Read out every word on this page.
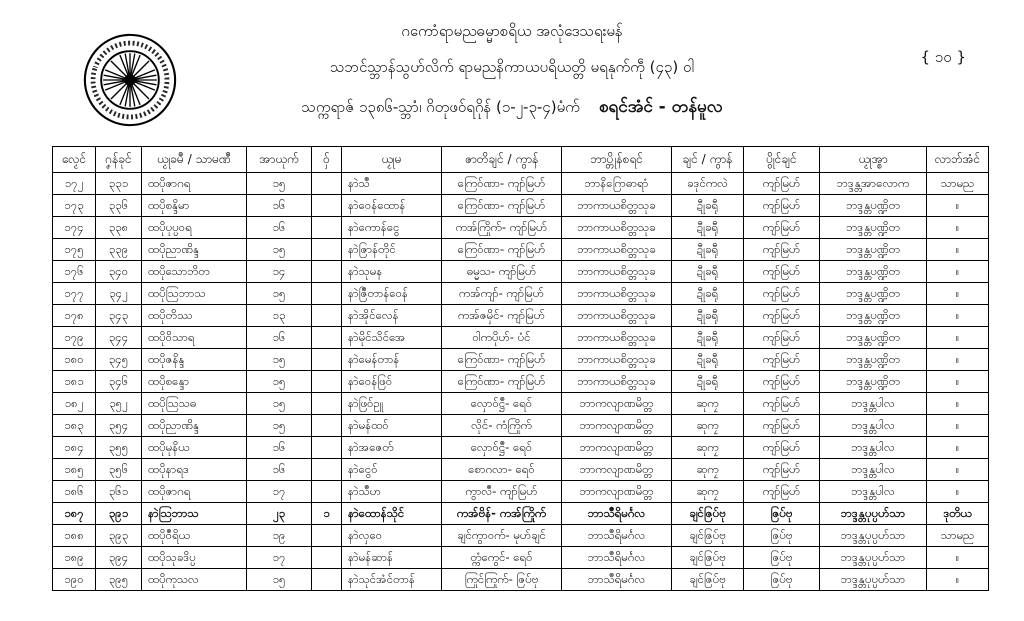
ဂကောံရာမညဓမ္မာစရိယ အလုံဒေသရးမန်
သဘင်သ္ဘာန်သွဟ်လိက် ရာမညနိကာယပရိယတ္တိ မရနုက်ကဵု (၄၃) ဝါ
သက္ကရာဇ် ၁၃၈၆-သ္ဘာံ၊ ဂိတုဖဝ်ရဂိုန် (၁-၂-၃-၄)မံက် စရင်အံင် - တန်မူလ
{ ၁၀ }
လၟေင်	ဂၞန်ခုင်	ယၟုခမဳ / သာမဏဳ	အာယုက်	ဝှ်	ယၟုမ	ဇာတိချင် / ကွာန်	ဘာပ္တိုန်စရင်	ချင် / ကွာန်	ပွိုင်ချင်	ယၟုအ္စာ	လာဘ်အံင်
၁၇၂	၃၃၁	ထပိုဇာဂရ	၁၅		နာဲသဳ	ကြေဝ်ဏာ- ကျာ်မြဟ်	ဘာနိဂြောဓာရာံ	ခဒုင်ကလဲ	ကျာ်မြဟ်	ဘဒ္ဒန္တအာလောက	သာမည
၁၇၃	၃၃၆	ထပိုစန္ဒိမာ	၁၆		နာဲဝေန်ထောန်	ကြေဝ်ဏာ- ကျာ်မြဟ်	ဘာကာယစိတ္တသုခ	ဍီုခရီု	ကျာ်မြဟ်	ဘဒ္ဒန္တပဏ္ဍိတ	။
၁၇၄	၃၃၈	ထပိုပုပ္ပဝရ	၁၆		နာဲကောန်ငွေ	ကအ်ကြိုက်- ကျာ်မြဟ်	ဘာကာယစိတ္တသုခ	ဍီုခရီု	ကျာ်မြဟ်	ဘဒ္ဒန္တပဏ္ဍိတ	။
၁၇၅	၃၃၉	ထပိုညာဏိန္ဒ	၁၅		နာဲဇြာန်တိုင်	ကြေဝ်ဏာ- ကျာ်မြဟ်	ဘာကာယစိတ္တသုခ	ဍီုခရီု	ကျာ်မြဟ်	ဘဒ္ဒန္တပဏ္ဍိတ	။
၁၇၆	၃၄၀	ထပိုသောဘိတ	၁၄		နာဲသုမန	ဓမ္မသ- ကျာ်မြဟ်	ဘာကာယစိတ္တသုခ	ဍီုခရီု	ကျာ်မြဟ်	ဘဒ္ဒန္တပဏ္ဍိတ	။
၁၇၇	၃၄၂	ထပိုဩဘာသ	၁၅		နာဲဇြဳတာန်ဝေန်	ကအ်ကျာ်- ကျာ်မြဟ်	ဘာကာယစိတ္တသုခ	ဍီုခရီု	ကျာ်မြဟ်	ဘဒ္ဒန္တပဏ္ဍိတ	။
၁၇၈	၃၄၃	ထပိုတိဿ	၁၃		နာဲအိုင်လေန်	ကအ်ဇမှိင်- ကျာ်မြဟ်	ဘာကာယစိတ္တသုခ	ဍီုခရီု	ကျာ်မြဟ်	ဘဒ္ဒန္တပဏ္ဍိတ	။
၁၇၉	၃၄၄	ထပိုဝိသာရ	၁၆		နာဲမိုင်သိင်အေ	ဝါကပိုဟ်- ပံင်	ဘာကာယစိတ္တသုခ	ဍီုခရီု	ကျာ်မြဟ်	ဘဒ္ဒန္တပဏ္ဍိတ	။
၁၈၀	၃၄၅	ထပိုဇနိန္ဒ	၁၅		နာဲမေန်တာန်	ကြေဝ်ဏာ- ကျာ်မြဟ်	ဘာကာယစိတ္တသုခ	ဍီုခရီု	ကျာ်မြဟ်	ဘဒ္ဒန္တပဏ္ဍိတ	။
၁၈၁	၃၄၆	ထပိုစန္ဒော	၁၅		နာဲဝေန်ဖြဝ်	ကြေဝ်ဏာ- ကျာ်မြဟ်	ဘာကာယစိတ္တသုခ	ဍီုခရီု	ကျာ်မြဟ်	ဘဒ္ဒန္တပဏ္ဍိတ	။
၁၈၂	၃၅၂	ထပိုဩသဓ	၁၅		နာဲဖြဝ်ဥူ	လှောဝ်ဋ္ဌဳ- ရေဝ်	ဘာကလျာဏမိတ္တ	ဆုကၠ	ကျာ်မြဟ်	ဘဒ္ဒန္တပါလ	။
၁၈၃	၃၅၄	ထပိုညာဏိန္ဒ	၁၅		နာဲမန်ထဝ်	လိုင်- ကံကြိုက်	ဘာကလျာဏမိတ္တ	ဆုကၠ	ကျာ်မြဟ်	ဘဒ္ဒန္တပါလ	။
၁၈၄	၃၅၅	ထပိုမုနိယ	၁၆		နာဲအဇေတ်	လှောဝ်ဋ္ဌဳ- ရေဝ်	ဘာကလျာဏမိတ္တ	ဆုကၠ	ကျာ်မြဟ်	ဘဒ္ဒန္တပါလ	။
၁၈၅	၃၅၆	ထပိုနာရဒ	၁၆		နာဲငွေဝ်	စောဂလာ- ရေဝ်	ဘာကလျာဏမိတ္တ	ဆုကၠ	ကျာ်မြဟ်	ဘဒ္ဒန္တပါလ	။
၁၈၆	၃၆၁	ထပိုဇာဂရ	၁၇		နာဲသဳဟ	ကွာလဳ- ကျာ်မြဟ်	ဘာကလျာဏမိတ္တ	ဆုကၠ	ကျာ်မြဟ်	ဘဒ္ဒန္တပါလ	။
၁၈၇	၃၉၁	နာဲဩဘာသ	၂၃	၁	နာဲထောန်သိုင်	ကအ်ဗိန်- ကအ်ကြိုက်	ဘာသဳရိမင်္ဂလ	ချင်ဇြပ်ဗု	ဇြပ်ဗု	ဘဒ္ဒန္တပုပ္ပဟ်သာ	ဒုတိယ
၁၈၈	၃၉၃	ထပိုဝဳရိယ	၁၉		နာဲလှဝေ	ချင်ကွာဝက်- မုဟ်ချင်	ဘာသဳရိမင်္ဂလ	ချင်ဇြပ်ဗု	ဇြပ်ဗု	ဘဒ္ဒန္တပုပ္ပဟ်သာ	သာမည
၁၈၉	၃၉၄	ထပိုသုခဒိပ္ပ	၁၇		နာဲမန်ဆာန်	တ္ကံကွေင်- ရေဝ်	ဘာသဳရိမင်္ဂလ	ချင်ဇြပ်ဗု	ဇြပ်ဗု	ဘဒ္ဒန္တပုပ္ပဟ်သာ	။
၁၉၀	၃၉၅	ထပိုကုသလ	၁၅		နာဲသုင်အံင်တာန်	ကြုင်ကြုက်- ဇြပ်ဗု	ဘာသဳရိမင်္ဂလ	ချင်ဇြပ်ဗု	ဇြပ်ဗု	ဘဒ္ဒန္တပုပ္ပဟ်သာ	။
